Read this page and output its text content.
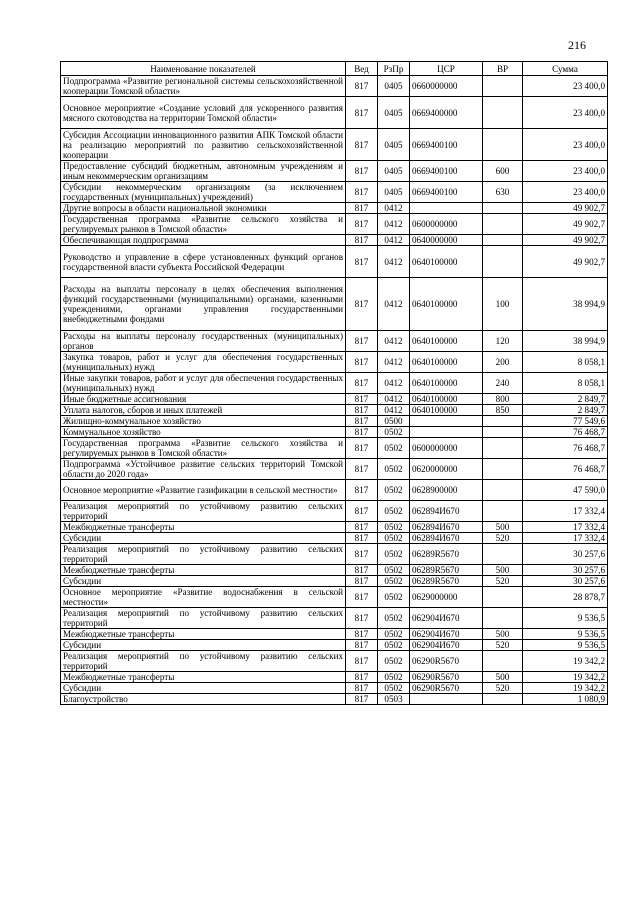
216
Наименование показателей	Вед	РзПр	ЦСР	ВР	Сумма
Подпрограмма «Развитие региональной системы сельскохозяйственной кооперации Томской области»	817	0405	0660000000		23 400,0
Основное мероприятие «Создание условий для ускоренного развития мясного скотоводства на территории Томской области»	817	0405	0669400000		23 400,0
Субсидия Ассоциации инновационного развития АПК Томской области на реализацию мероприятий по развитию сельскохозяйственной кооперации	817	0405	0669400100		23 400,0
Предоставление субсидий бюджетным, автономным учреждениям и иным некоммерческим организациям	817	0405	0669400100	600	23 400,0
Субсидии некоммерческим организациям (за исключением государственных (муниципальных) учреждений)	817	0405	0669400100	630	23 400,0
Другие вопросы в области национальной экономики	817	0412			49 902,7
Государственная программа «Развитие сельского хозяйства и регулируемых рынков в Томской области»	817	0412	0600000000		49 902,7
Обеспечивающая подпрограмма	817	0412	0640000000		49 902,7
Руководство и управление в сфере установленных функций органов государственной власти субъекта Российской Федерации	817	0412	0640100000		49 902,7
Расходы на выплаты персоналу в целях обеспечения выполнения функций государственными (муниципальными) органами, казенными учреждениями, органами управления государственными внебюджетными фондами	817	0412	0640100000	100	38 994,9
Расходы на выплаты персоналу государственных (муниципальных) органов	817	0412	0640100000	120	38 994,9
Закупка товаров, работ и услуг для обеспечения государственных (муниципальных) нужд	817	0412	0640100000	200	8 058,1
Иные закупки товаров, работ и услуг для обеспечения государственных (муниципальных) нужд	817	0412	0640100000	240	8 058,1
Иные бюджетные ассигнования	817	0412	0640100000	800	2 849,7
Уплата налогов, сборов и иных платежей	817	0412	0640100000	850	2 849,7
Жилищно-коммунальное хозяйство	817	0500			77 549,6
Коммунальное хозяйство	817	0502			76 468,7
Государственная программа «Развитие сельского хозяйства и регулируемых рынков в Томской области»	817	0502	0600000000		76 468,7
Подпрограмма «Устойчивое развитие сельских территорий Томской области до 2020 года»	817	0502	0620000000		76 468,7
Основное мероприятие «Развитие газификации в сельской местности»	817	0502	0628900000		47 590,0
Реализация мероприятий по устойчивому развитию сельских территорий	817	0502	062894И670		17 332,4
Межбюджетные трансферты	817	0502	062894И670	500	17 332,4
Субсидии	817	0502	062894И670	520	17 332,4
Реализация мероприятий по устойчивому развитию сельских территорий	817	0502	06289R5670		30 257,6
Межбюджетные трансферты	817	0502	06289R5670	500	30 257,6
Субсидии	817	0502	06289R5670	520	30 257,6
Основное мероприятие «Развитие водоснабжения в сельской местности»	817	0502	0629000000		28 878,7
Реализация мероприятий по устойчивому развитию сельских территорий	817	0502	062904И670		9 536,5
Межбюджетные трансферты	817	0502	062904И670	500	9 536,5
Субсидии	817	0502	062904И670	520	9 536,5
Реализация мероприятий по устойчивому развитию сельских территорий	817	0502	06290R5670		19 342,2
Межбюджетные трансферты	817	0502	06290R5670	500	19 342,2
Субсидии	817	0502	06290R5670	520	19 342,2
Благоустройство	817	0503			1 080,9
